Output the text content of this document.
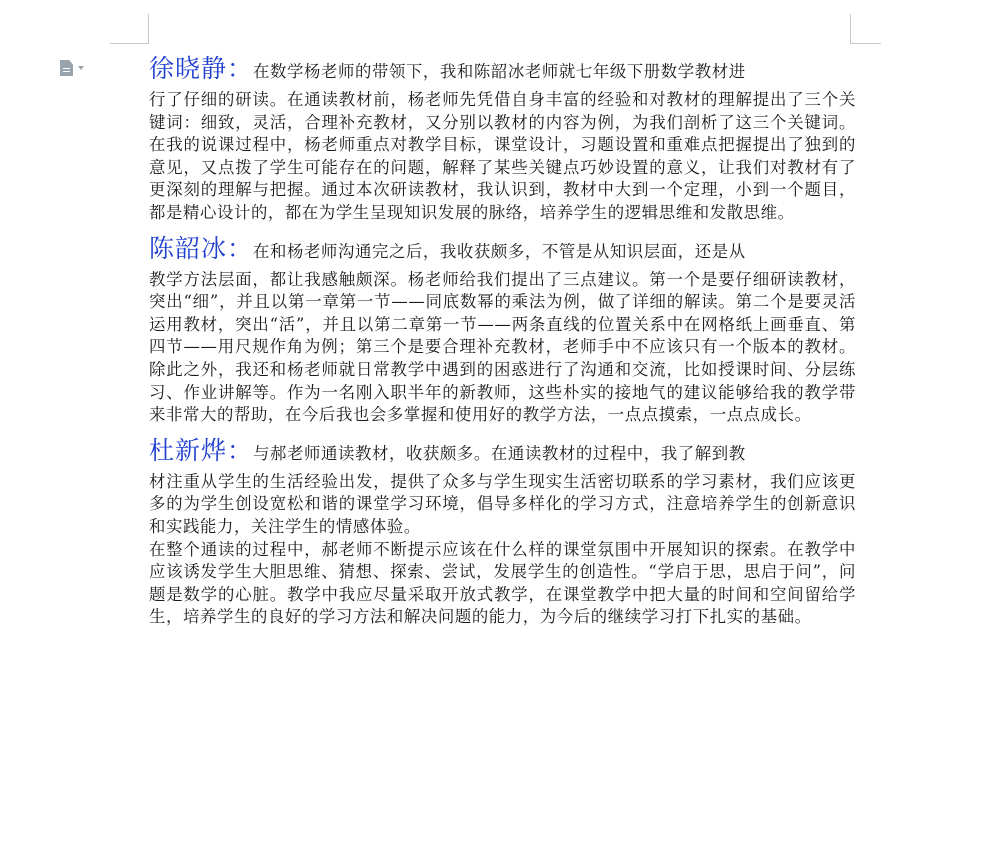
徐晓静：在数学杨老师的带领下，我和陈韶冰老师就七年级下册数学教材进

行了仔细的研读。在通读教材前，杨老师先凭借自身丰富的经验和对教材的理解提出了三个关键词：细致，灵活，合理补充教材，又分别以教材的内容为例，为我们剖析了这三个关键词。在我的说课过程中，杨老师重点对教学目标，课堂设计，习题设置和重难点把握提出了独到的意见，又点拨了学生可能存在的问题，解释了某些关键点巧妙设置的意义，让我们对教材有了更深刻的理解与把握。通过本次研读教材，我认识到，教材中大到一个定理，小到一个题目，都是精心设计的，都在为学生呈现知识发展的脉络，培养学生的逻辑思维和发散思维。

陈韶冰：在和杨老师沟通完之后，我收获颇多，不管是从知识层面，还是从

教学方法层面，都让我感触颇深。杨老师给我们提出了三点建议。第一个是要仔细研读教材，突出“细”，并且以第一章第一节——同底数幂的乘法为例，做了详细的解读。第二个是要灵活运用教材，突出“活”，并且以第二章第一节——两条直线的位置关系中在网格纸上画垂直、第四节——用尺规作角为例；第三个是要合理补充教材，老师手中不应该只有一个版本的教材。除此之外，我还和杨老师就日常教学中遇到的困惑进行了沟通和交流，比如授课时间、分层练习、作业讲解等。作为一名刚入职半年的新教师，这些朴实的接地气的建议能够给我的教学带来非常大的帮助，在今后我也会多掌握和使用好的教学方法，一点点摸索，一点点成长。

杜新烨：与郝老师通读教材，收获颇多。在通读教材的过程中，我了解到教

材注重从学生的生活经验出发，提供了众多与学生现实生活密切联系的学习素材，我们应该更多的为学生创设宽松和谐的课堂学习环境，倡导多样化的学习方式，注意培养学生的创新意识和实践能力，关注学生的情感体验。

在整个通读的过程中，郝老师不断提示应该在什么样的课堂氛围中开展知识的探索。在教学中应该诱发学生大胆思维、猜想、探索、尝试，发展学生的创造性。“学启于思，思启于问”，问题是数学的心脏。教学中我应尽量采取开放式教学，在课堂教学中把大量的时间和空间留给学生，培养学生的良好的学习方法和解决问题的能力，为今后的继续学习打下扎实的基础。
